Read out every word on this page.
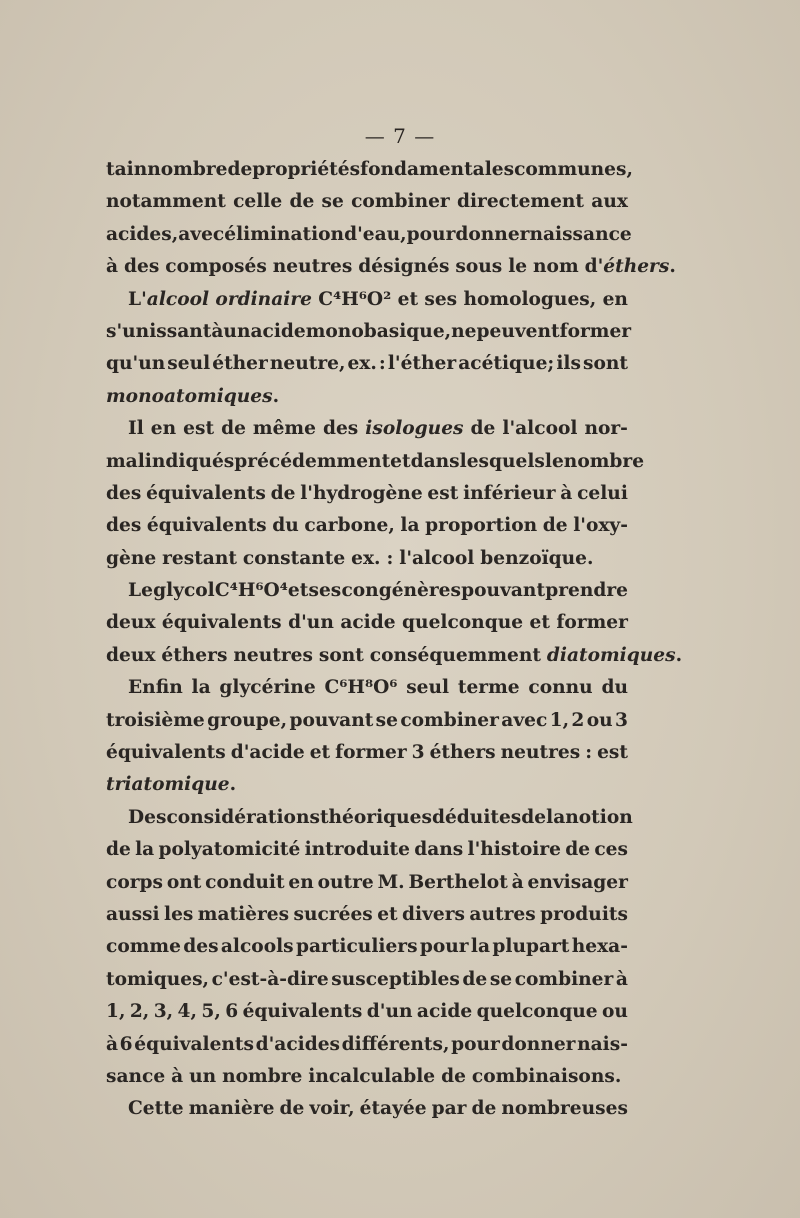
— 7 —
tain nombre de propriétés fondamentales communes,
notamment celle de se combiner directement aux
acides, avec élimination d'eau, pour donner naissance
à des composés neutres désignés sous le nom d'éthers.
L'alcool ordinaire C⁴H⁶O² et ses homologues, en
s'unissant à un acide monobasique, ne peuvent former
qu'un seul éther neutre, ex. : l'éther acétique; ils sont
monoatomiques.
Il en est de même des isologues de l'alcool nor-
mal indiqués précédemment et dans lesquels le nombre
des équivalents de l'hydrogène est inférieur à celui
des équivalents du carbone, la proportion de l'oxy-
gène restant constante ex. : l'alcool benzoïque.
Le glycol C⁴H⁶O⁴et ses congénères pouvant prendre
deux équivalents d'un acide quelconque et former
deux éthers neutres sont conséquemment diatomiques.
Enfin la glycérine C⁶H⁸O⁶ seul terme connu du
troisième groupe, pouvant se combiner avec 1, 2 ou 3
équivalents d'acide et former 3 éthers neutres : est
triatomique.
Des considérations théoriques déduites de la notion
de la polyatomicité introduite dans l'histoire de ces
corps ont conduit en outre M. Berthelot à envisager
aussi les matières sucrées et divers autres produits
comme des alcools particuliers pour la plupart hexa-
tomiques, c'est-à-dire susceptibles de se combiner à
1, 2, 3, 4, 5, 6 équivalents d'un acide quelconque ou
à 6 équivalents d'acides différents, pour donner nais-
sance à un nombre incalculable de combinaisons.
Cette manière de voir, étayée par de nombreuses
